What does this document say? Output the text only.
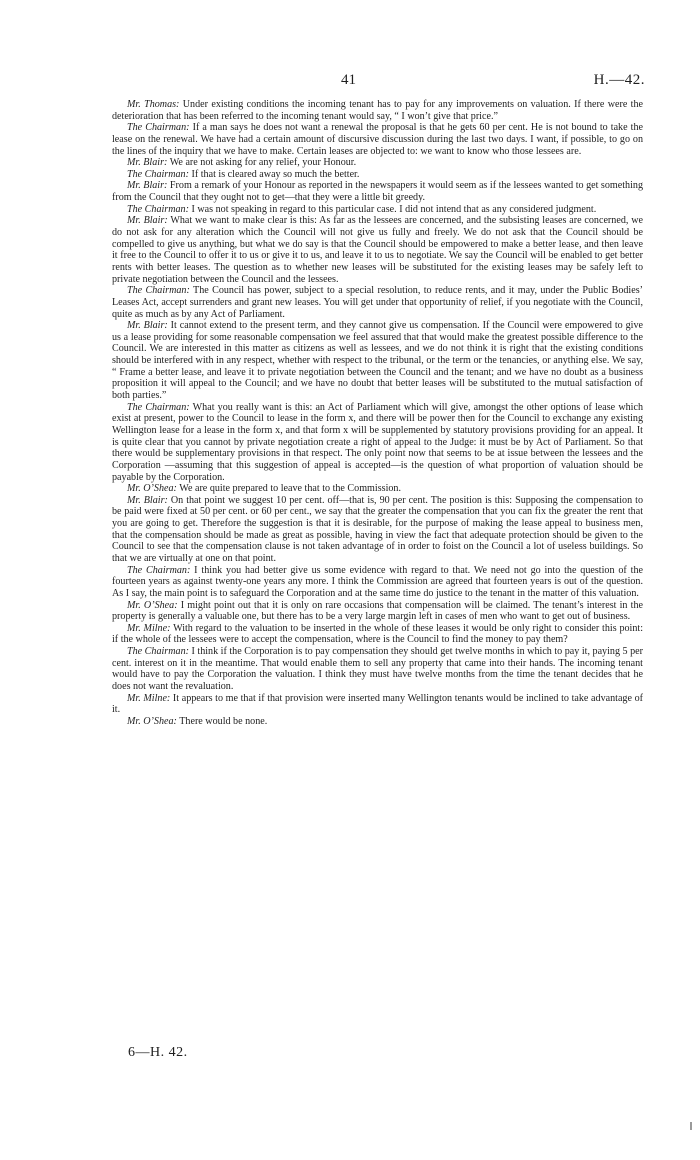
41	H.—42.

Mr. Thomas: Under existing conditions the incoming tenant has to pay for any improvements on valuation. If there were the deterioration that has been referred to the incoming tenant would say, “ I won’t give that price.”

The Chairman: If a man says he does not want a renewal the proposal is that he gets 60 per cent. He is not bound to take the lease on the renewal. We have had a certain amount of discursive discussion during the last two days. I want, if possible, to go on the lines of the inquiry that we have to make. Certain leases are objected to: we want to know who those lessees are.

Mr. Blair: We are not asking for any relief, your Honour.

The Chairman: If that is cleared away so much the better.

Mr. Blair: From a remark of your Honour as reported in the newspapers it would seem as if the lessees wanted to get something from the Council that they ought not to get—that they were a little bit greedy.

The Chairman: I was not speaking in regard to this particular case. I did not intend that as any considered judgment.

Mr. Blair: What we want to make clear is this: As far as the lessees are concerned, and the subsisting leases are concerned, we do not ask for any alteration which the Council will not give us fully and freely. We do not ask that the Council should be compelled to give us anything, but what we do say is that the Council should be empowered to make a better lease, and then leave it free to the Council to offer it to us or give it to us, and leave it to us to negotiate. We say the Council will be enabled to get better rents with better leases. The question as to whether new leases will be substituted for the existing leases may be safely left to private negotiation between the Council and the lessees.

The Chairman: The Council has power, subject to a special resolution, to reduce rents, and it may, under the Public Bodies’ Leases Act, accept surrenders and grant new leases. You will get under that opportunity of relief, if you negotiate with the Council, quite as much as by any Act of Parliament.

Mr. Blair: It cannot extend to the present term, and they cannot give us compensation. If the Council were empowered to give us a lease providing for some reasonable compensation we feel assured that that would make the greatest possible difference to the Council. We are interested in this matter as citizens as well as lessees, and we do not think it is right that the existing conditions should be interfered with in any respect, whether with respect to the tribunal, or the term or the tenancies, or anything else. We say, “ Frame a better lease, and leave it to private negotiation between the Council and the tenant; and we have no doubt as a business proposition it will appeal to the Council; and we have no doubt that better leases will be substituted to the mutual satisfaction of both parties.”

The Chairman: What you really want is this: an Act of Parliament which will give, amongst the other options of lease which exist at present, power to the Council to lease in the form x, and there will be power then for the Council to exchange any existing Wellington lease for a lease in the form x, and that form x will be supplemented by statutory provisions providing for an appeal. It is quite clear that you cannot by private negotiation create a right of appeal to the Judge: it must be by Act of Parliament. So that there would be supplementary provisions in that respect. The only point now that seems to be at issue between the lessees and the Corporation —assuming that this suggestion of appeal is accepted—is the question of what proportion of valuation should be payable by the Corporation.

Mr. O’Shea: We are quite prepared to leave that to the Commission.

Mr. Blair: On that point we suggest 10 per cent. off—that is, 90 per cent. The position is this: Supposing the compensation to be paid were fixed at 50 per cent. or 60 per cent., we say that the greater the compensation that you can fix the greater the rent that you are going to get. Therefore the suggestion is that it is desirable, for the purpose of making the lease appeal to business men, that the compensation should be made as great as possible, having in view the fact that adequate protection should be given to the Council to see that the compensation clause is not taken advantage of in order to foist on the Council a lot of useless buildings. So that we are virtually at one on that point.

The Chairman: I think you had better give us some evidence with regard to that. We need not go into the question of the fourteen years as against twenty-one years any more. I think the Commission are agreed that fourteen years is out of the question. As I say, the main point is to safeguard the Corporation and at the same time do justice to the tenant in the matter of this valuation.

Mr. O’Shea: I might point out that it is only on rare occasions that compensation will be claimed. The tenant’s interest in the property is generally a valuable one, but there has to be a very large margin left in cases of men who want to get out of business.

Mr. Milne: With regard to the valuation to be inserted in the whole of these leases it would be only right to consider this point: if the whole of the lessees were to accept the compensation, where is the Council to find the money to pay them?

The Chairman: I think if the Corporation is to pay compensation they should get twelve months in which to pay it, paying 5 per cent. interest on it in the meantime. That would enable them to sell any property that came into their hands. The incoming tenant would have to pay the Corporation the valuation. I think they must have twelve months from the time the tenant decides that he does not want the revaluation.

Mr. Milne: It appears to me that if that provision were inserted many Wellington tenants would be inclined to take advantage of it.

Mr. O’Shea: There would be none.

6—H. 42.
